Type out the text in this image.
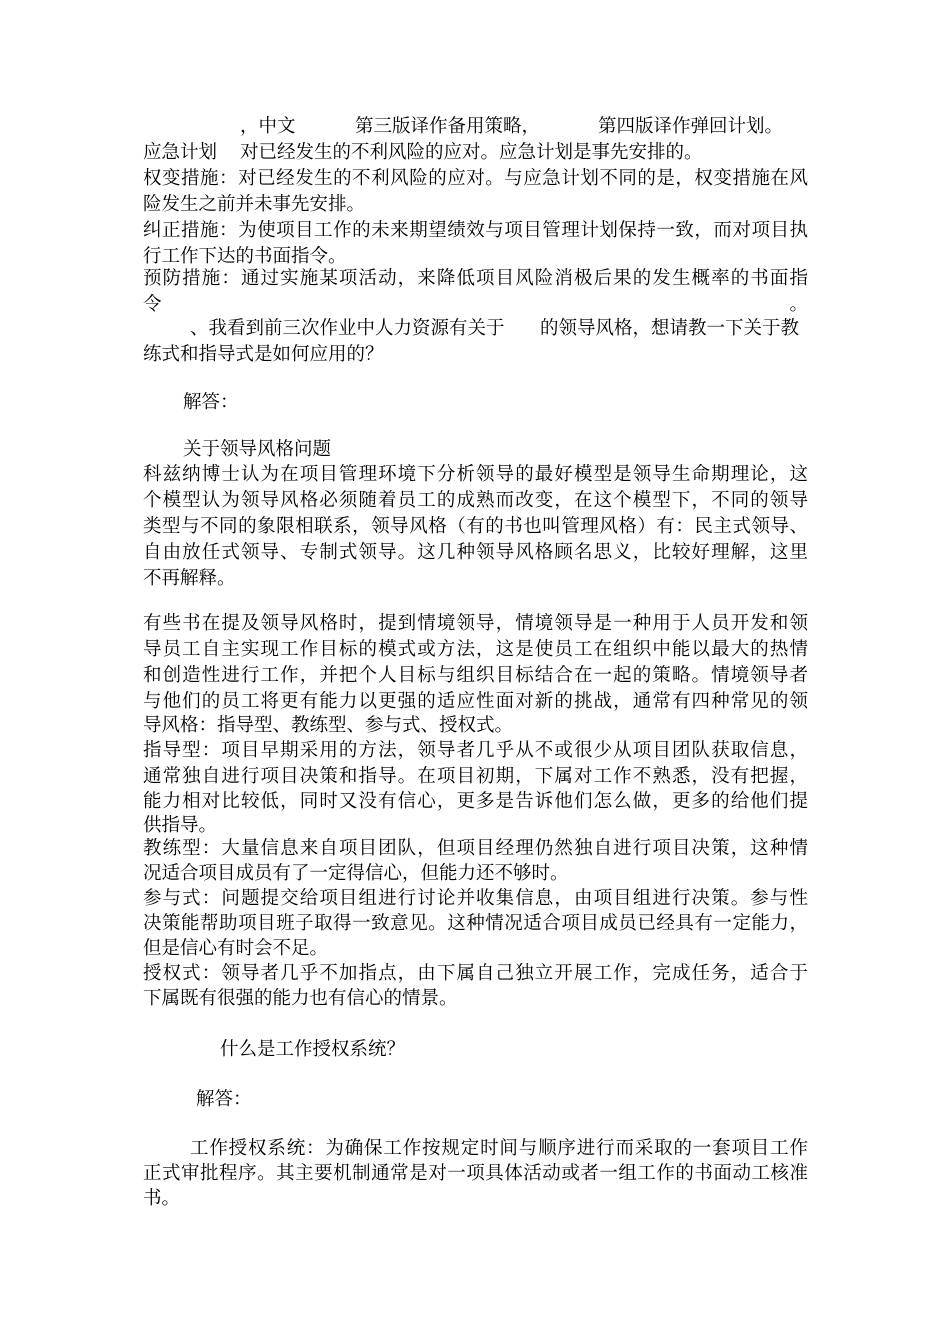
，中文	第三版译作备用策略，	第四版译作弹回计划。
应急计划 对已经发生的不利风险的应对。应急计划是事先安排的。
权变措施：对已经发生的不利风险的应对。与应急计划不同的是，权变措施在风
险发生之前并未事先安排。
纠正措施：为使项目工作的未来期望绩效与项目管理计划保持一致，而对项目执
行工作下达的书面指令。
预防措施：通过实施某项活动，来降低项目风险消极后果的发生概率的书面指令。
、我看到前三次作业中人力资源有关于 的领导风格，想请教一下关于教
练式和指导式是如何应用的？
解答：
关于领导风格问题
科兹纳博士认为在项目管理环境下分析领导的最好模型是领导生命期理论，这
个模型认为领导风格必须随着员工的成熟而改变，在这个模型下，不同的领导
类型与不同的象限相联系，领导风格（有的书也叫管理风格）有：民主式领导、
自由放任式领导、专制式领导。这几种领导风格顾名思义，比较好理解，这里
不再解释。
有些书在提及领导风格时，提到情境领导，情境领导是一种用于人员开发和领
导员工自主实现工作目标的模式或方法，这是使员工在组织中能以最大的热情
和创造性进行工作，并把个人目标与组织目标结合在一起的策略。情境领导者
与他们的员工将更有能力以更强的适应性面对新的挑战，通常有四种常见的领
导风格：指导型、教练型、参与式、授权式。
指导型：项目早期采用的方法，领导者几乎从不或很少从项目团队获取信息，
通常独自进行项目决策和指导。在项目初期，下属对工作不熟悉，没有把握，
能力相对比较低，同时又没有信心，更多是告诉他们怎么做，更多的给他们提
供指导。
教练型：大量信息来自项目团队，但项目经理仍然独自进行项目决策，这种情
况适合项目成员有了一定得信心，但能力还不够时。
参与式：问题提交给项目组进行讨论并收集信息，由项目组进行决策。参与性
决策能帮助项目班子取得一致意见。这种情况适合项目成员已经具有一定能力，
但是信心有时会不足。
授权式：领导者几乎不加指点，由下属自己独立开展工作，完成任务，适合于
下属既有很强的能力也有信心的情景。
什么是工作授权系统？
解答：
工作授权系统：为确保工作按规定时间与顺序进行而采取的一套项目工作
正式审批程序。其主要机制通常是对一项具体活动或者一组工作的书面动工核准
书。
